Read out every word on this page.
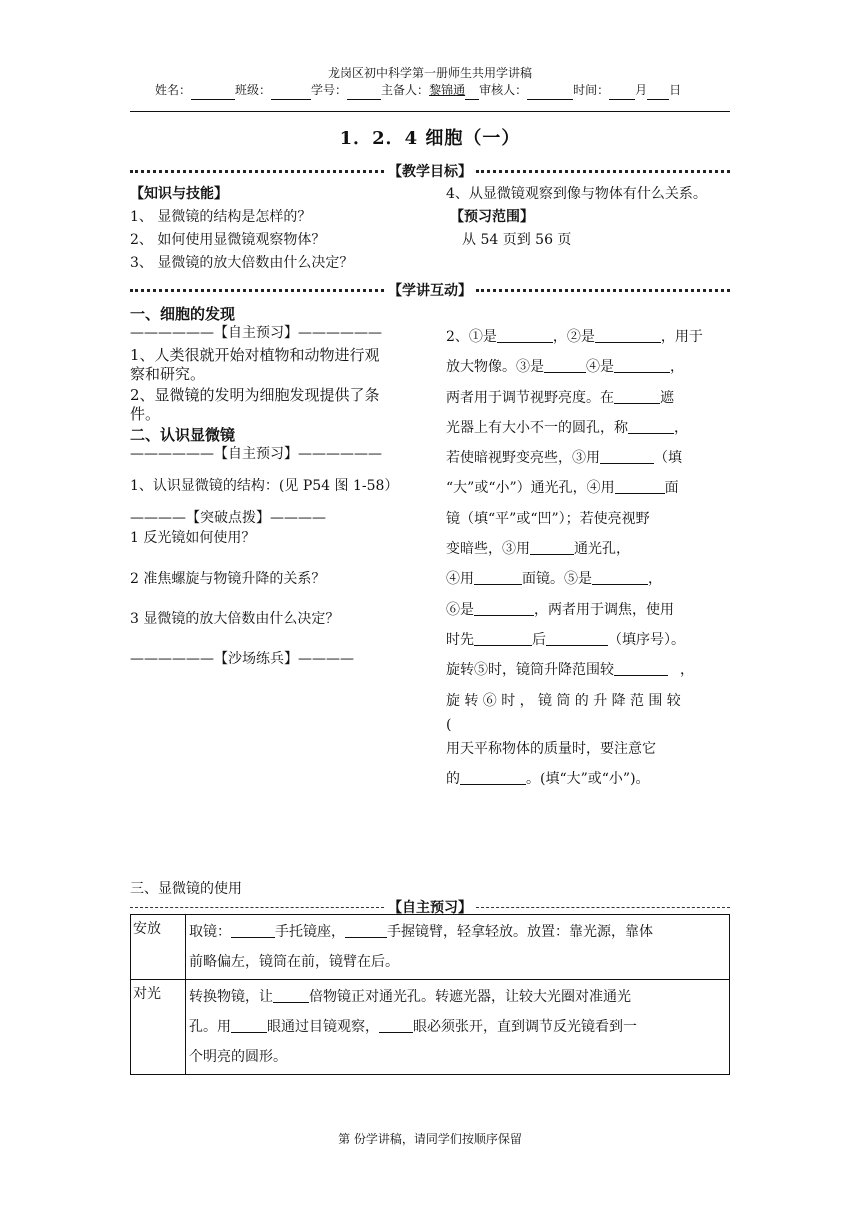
龙岗区初中科学第一册师生共用学讲稿
姓名：	班级：	学号：	主备人：黎锦通 审核人：	时间： 月 日
1．2．4 细胞（一）
【教学目标】
【知识与技能】
1、 显微镜的结构是怎样的？
2、 如何使用显微镜观察物体？
3、 显微镜的放大倍数由什么决定？
4、从显微镜观察到像与物体有什么关系。
【预习范围】
从 54 页到 56 页
【学讲互动】
一、细胞的发现
——————【自主预习】——————
1、人类很就开始对植物和动物进行观
察和研究。
2、显微镜的发明为细胞发现提供了条
件。
二、认识显微镜
——————【自主预习】——————
1、认识显微镜的结构：(见 P54 图 1-58）
————【突破点拨】————
1 反光镜如何使用？
2 准焦螺旋与物镜升降的关系？
3 显微镜的放大倍数由什么决定？
——————【沙场练兵】————
2、①是	，②是	，用于
放大物像。③是	④是	，
两者用于调节视野亮度。在	遮
光器上有大小不一的圆孔，称	，
若使暗视野变亮些，③用	（填
“大”或“小”）通光孔，④用	面
镜（填“平”或“凹”）；若使亮视野
变暗些，③用	通光孔，
④用	面镜。⑤是	，
⑥是	，两者用于调焦，使用
时先	后	（填序号）。
旋转⑤时，镜筒升降范围较	，
旋转⑥时，镜筒的升降范围较
(
用天平称物体的质量时，要注意它
的	。(填“大”或“小”)。
三、显微镜的使用
【自主预习】
安放	取镜： 手托镜座， 手握镜臂，轻拿轻放。放置：靠光源，靠体
前略偏左，镜筒在前，镜臂在后。

对光	转换物镜，让 倍物镜正对通光孔。转遮光器，让较大光圈对准通光
孔。用 眼通过目镜观察， 眼必须张开，直到调节反光镜看到一
个明亮的圆形。
第 份学讲稿，请同学们按顺序保留
